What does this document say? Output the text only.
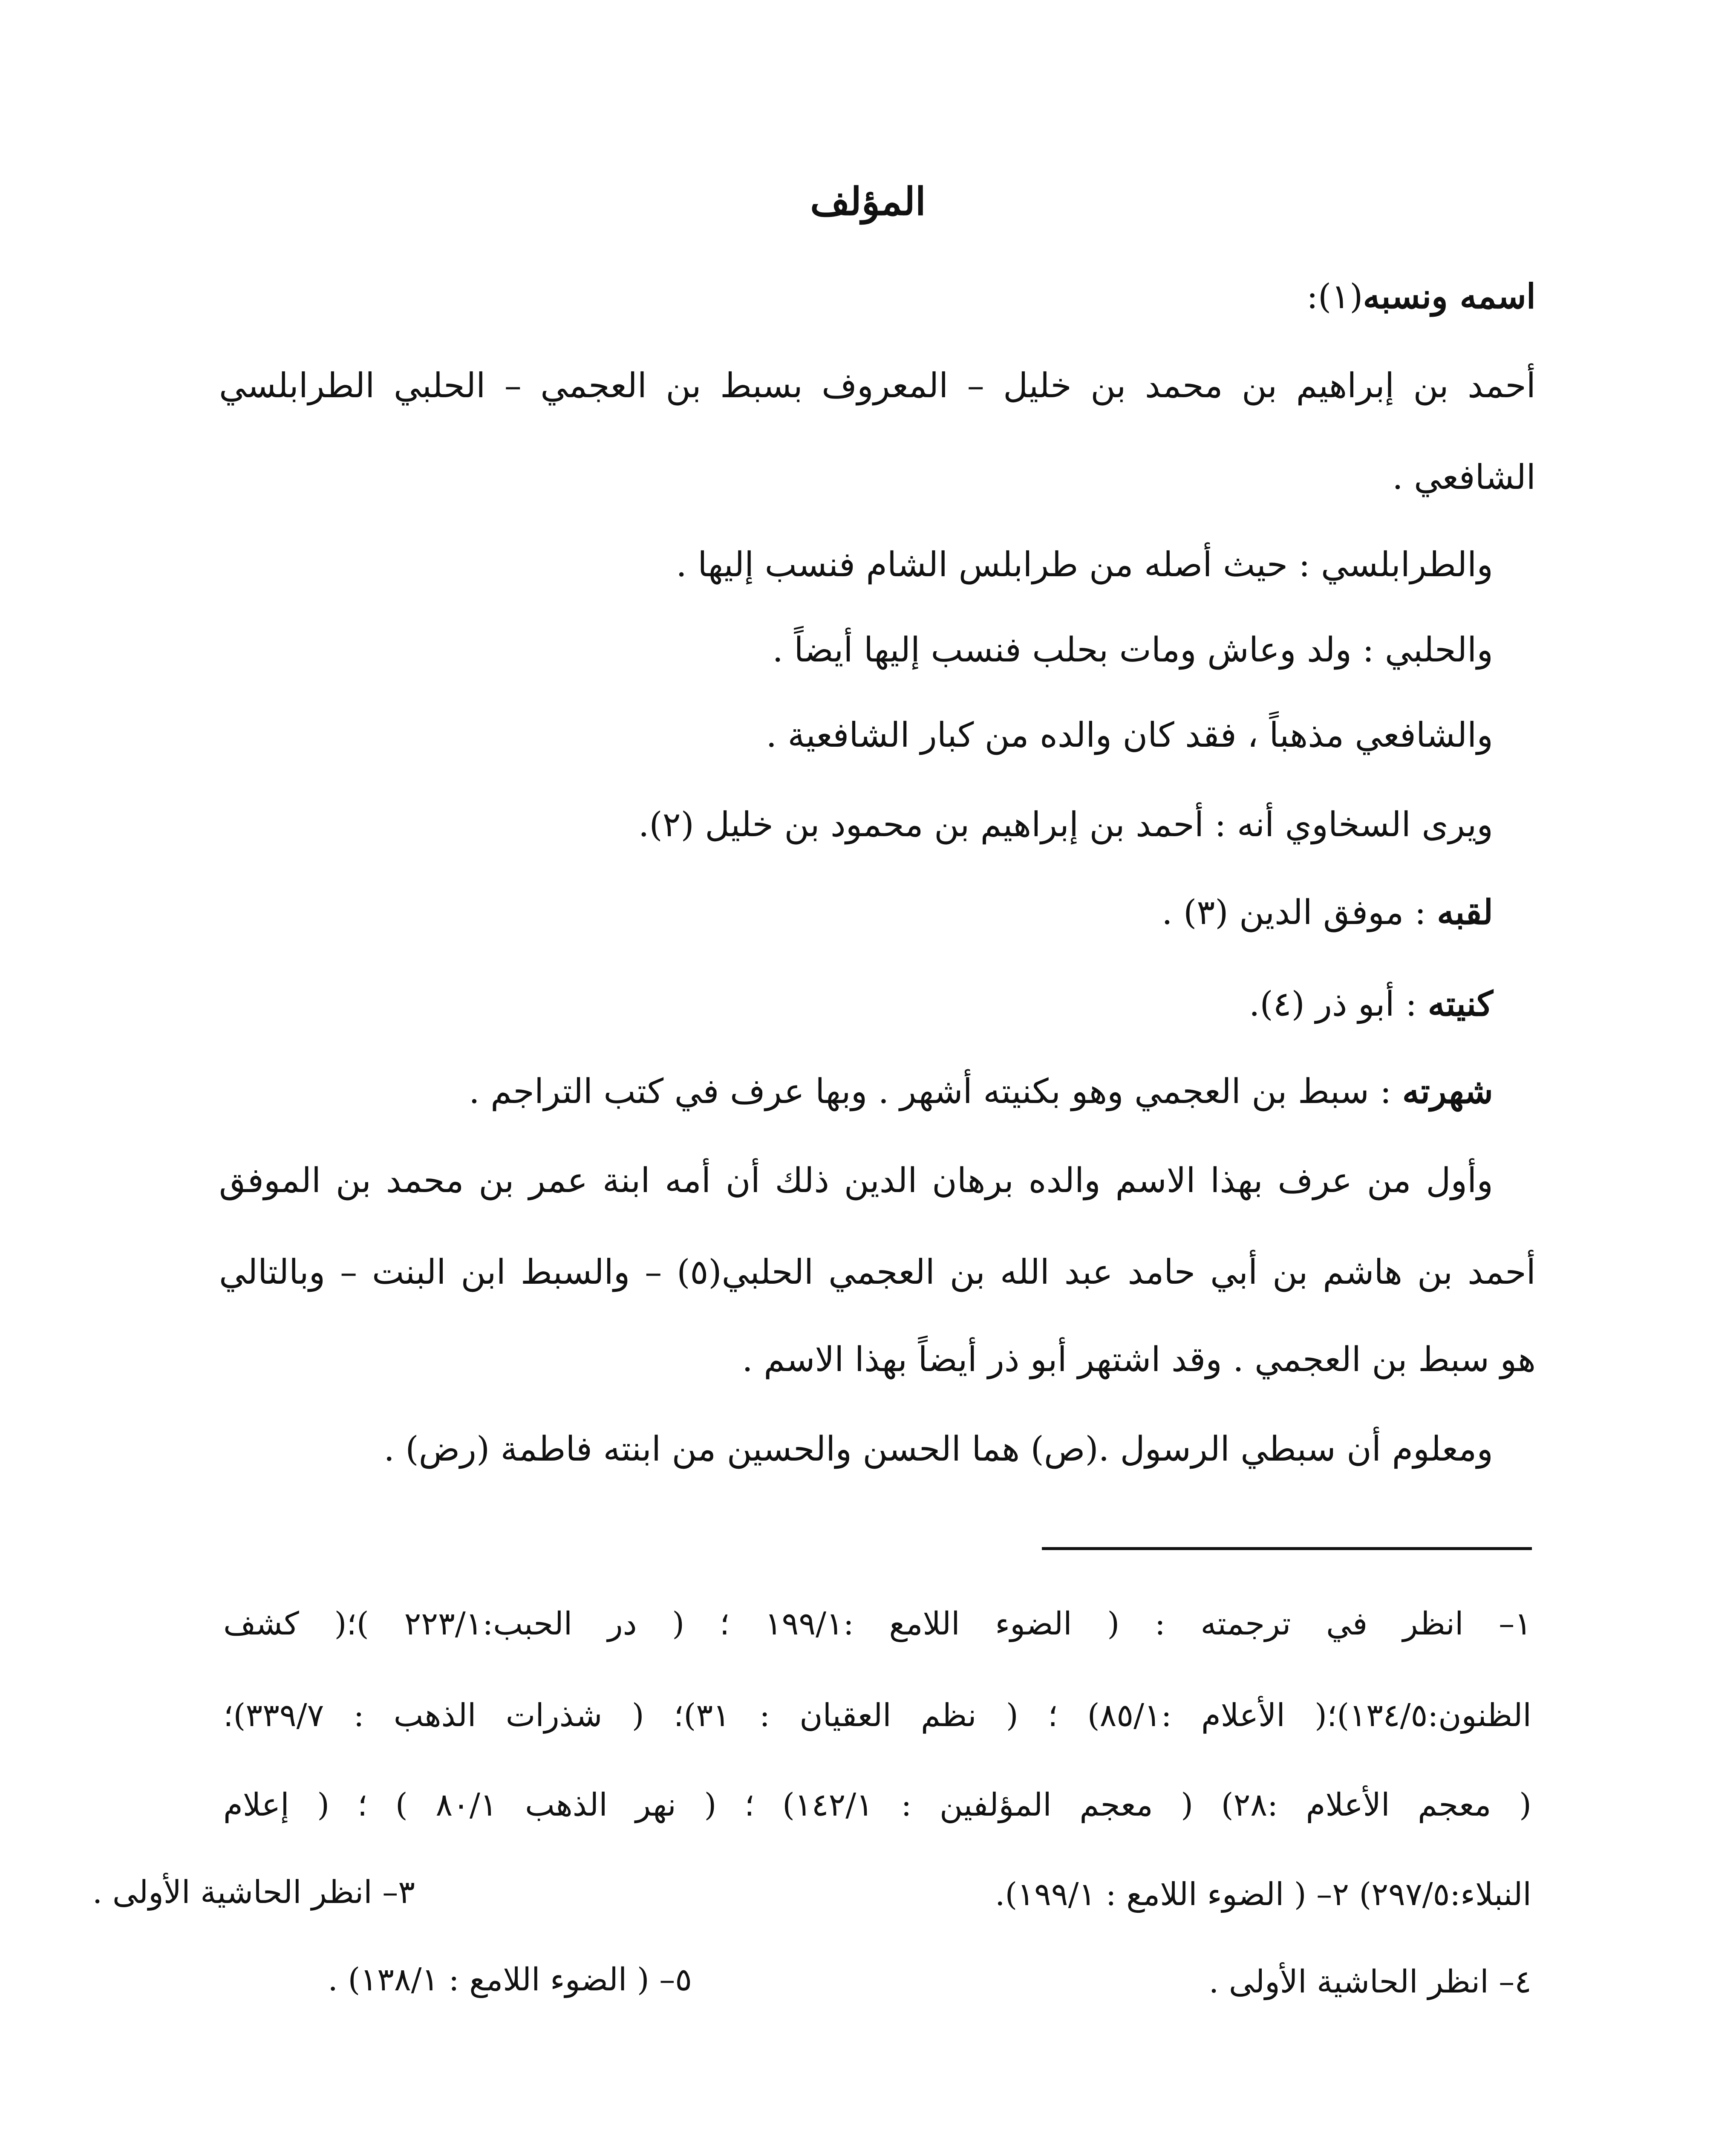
المؤلف
اسمه ونسبه(١):
أحمد بن إبراهيم بن محمد بن خليل – المعروف بسبط بن العجمي – الحلبي الطرابلسي
الشافعي .
والطرابلسي : حيث أصله من طرابلس الشام فنسب إليها .
والحلبي : ولد وعاش ومات بحلب فنسب إليها أيضاً .
والشافعي مذهباً ، فقد كان والده من كبار الشافعية .
ويرى السخاوي أنه : أحمد بن إبراهيم بن محمود بن خليل (٢).
لقبه : موفق الدين (٣) .
كنيته : أبو ذر (٤).
شهرته : سبط بن العجمي وهو بكنيته أشهر . وبها عرف في كتب التراجم .
وأول من عرف بهذا الاسم والده برهان الدين ذلك أن أمه ابنة عمر بن محمد بن الموفق
أحمد بن هاشم بن أبي حامد عبد الله بن العجمي الحلبي(٥) – والسبط ابن البنت – وبالتالي
هو سبط بن العجمي . وقد اشتهر أبو ذر أيضاً بهذا الاسم .
ومعلوم أن سبطي الرسول .(ص) هما الحسن والحسين من ابنته فاطمة (رض) .
١– انظر في ترجمته : ( الضوء اللامع :١٩٩/١ ؛ ( در الحبب:٢٢٣/١ )؛( كشف
الظنون:١٣٤/٥)؛( الأعلام :٨٥/١) ؛ ( نظم العقيان : ٣١)؛ ( شذرات الذهب : ٣٣٩/٧)؛
( معجم الأعلام :٢٨) ( معجم المؤلفين : ١٤٢/١) ؛ ( نهر الذهب ٨٠/١ ) ؛ ( إعلام
النبلاء:٢٩٧/٥) ٢– ( الضوء اللامع : ١٩٩/١).
٣– انظر الحاشية الأولى .
٤– انظر الحاشية الأولى .
٥– ( الضوء اللامع : ١٣٨/١) .
